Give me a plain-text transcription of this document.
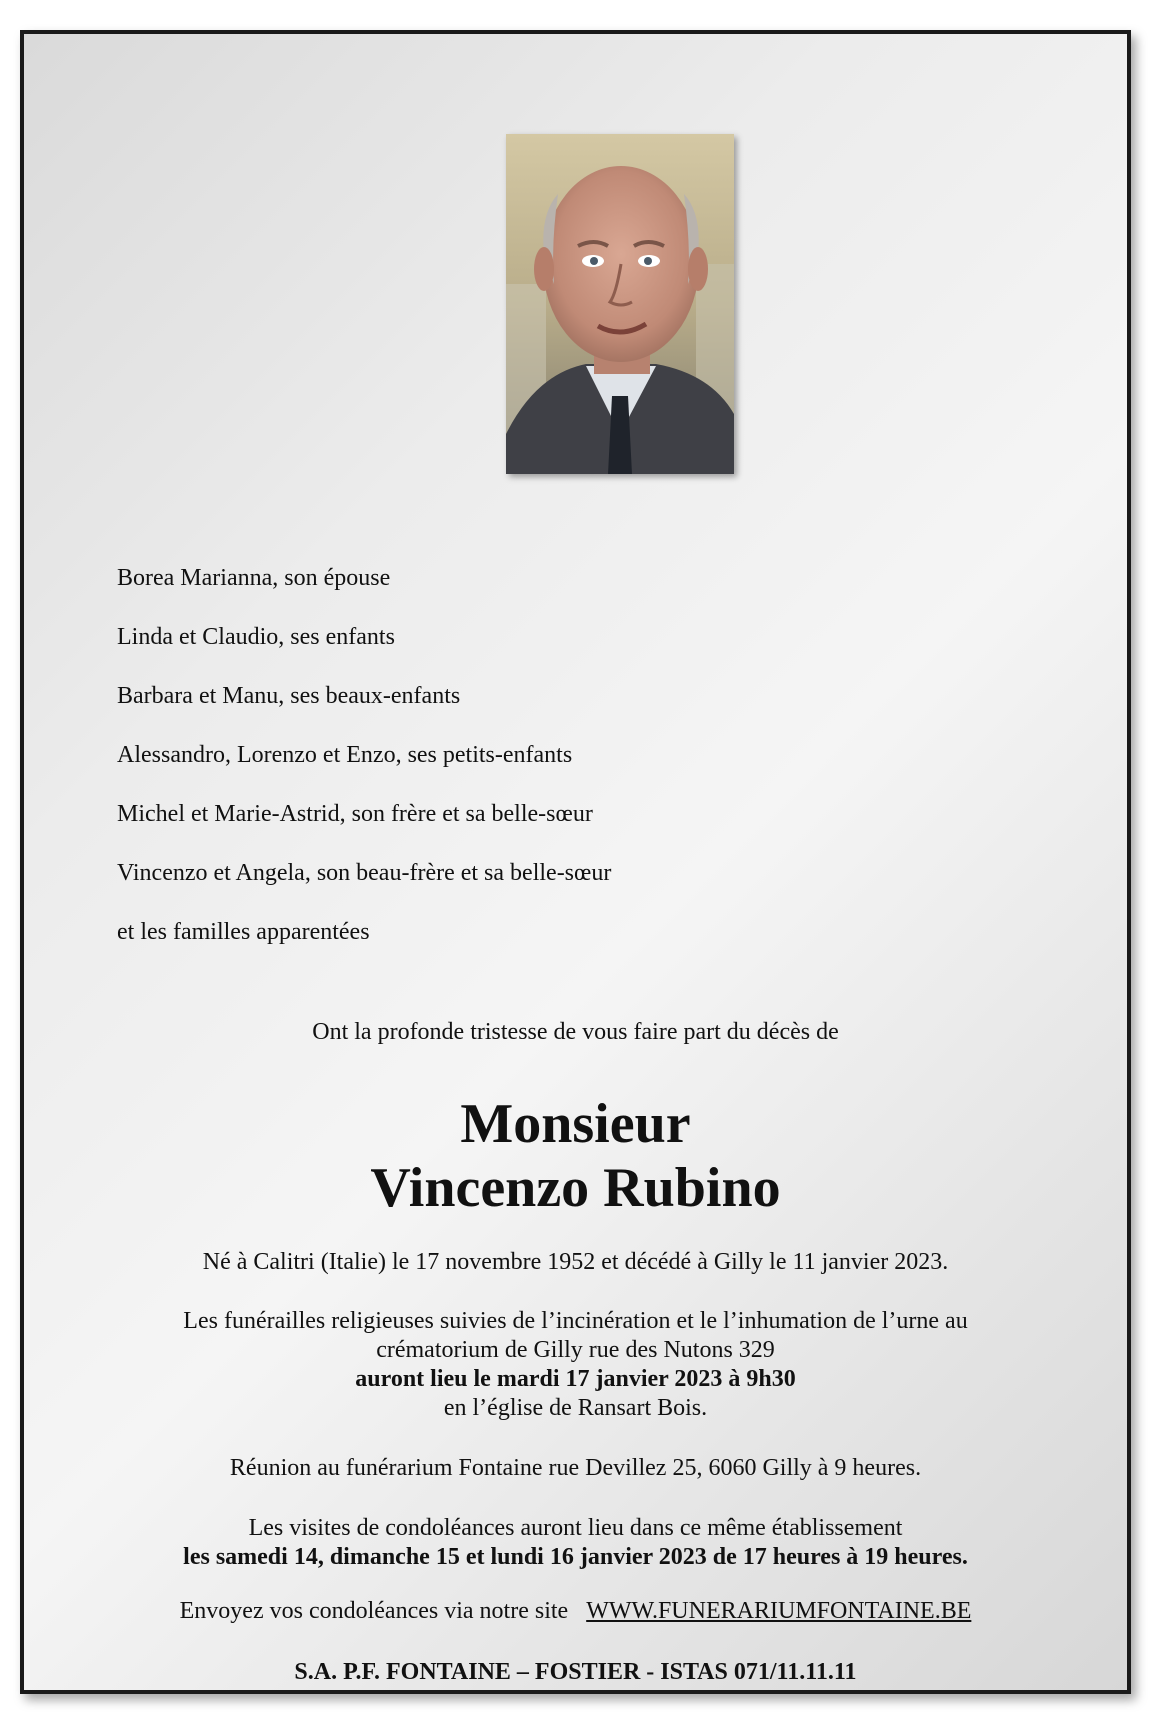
Borea Marianna, son épouse
Linda et Claudio, ses enfants
Barbara et Manu, ses beaux-enfants
Alessandro, Lorenzo et Enzo, ses petits-enfants
Michel et Marie-Astrid, son frère et sa belle-sœur
Vincenzo et Angela, son beau-frère et sa belle-sœur
et les familles apparentées
Ont la profonde tristesse de vous faire part du décès de
Monsieur
Vincenzo Rubino
Né à Calitri (Italie) le 17 novembre 1952 et décédé à Gilly le 11 janvier 2023.
Les funérailles religieuses suivies de l’incinération et le l’inhumation de l’urne au
crématorium de Gilly rue des Nutons 329
auront lieu le mardi 17 janvier 2023 à 9h30
en l’église de Ransart Bois.
Réunion au funérarium Fontaine rue Devillez 25, 6060 Gilly à 9 heures.
Les visites de condoléances auront lieu dans ce même établissement
les samedi 14, dimanche 15 et lundi 16 janvier 2023 de 17 heures à 19 heures.
Envoyez vos condoléances via notre site WWW.FUNERARIUMFONTAINE.BE
S.A. P.F. FONTAINE – FOSTIER - ISTAS 071/11.11.11
